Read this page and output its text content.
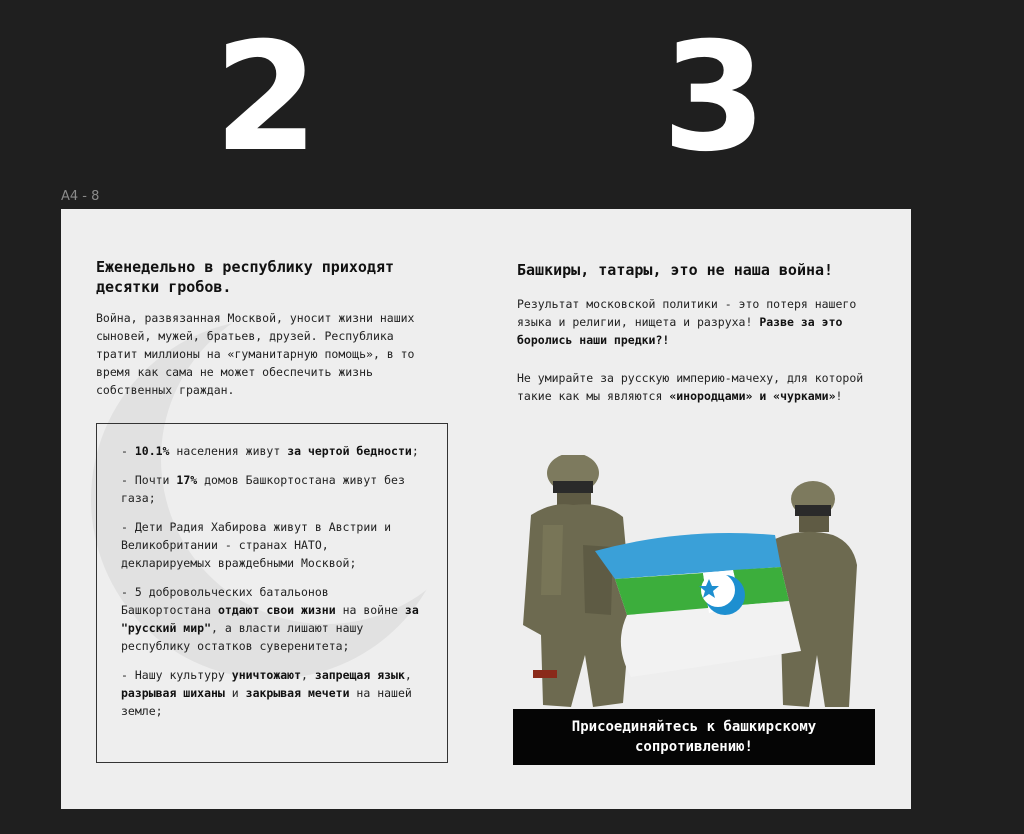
2 3
A4 - 8
Еженедельно в республику приходят десятки гробов.
Война, развязанная Москвой, уносит жизни наших сыновей, мужей, братьев, друзей. Республика тратит миллионы на «гуманитарную помощь», в то время как сама не может обеспечить жизнь собственных граждан.
- 10.1% населения живут за чертой бедности;
- Почти 17% домов Башкортостана живут без газа;
- Дети Радия Хабирова живут в Австрии и Великобритании - странах НАТО, декларируемых враждебными Москвой;
- 5 добровольческих батальонов Башкортостана отдают свои жизни на войне за "русский мир", а власти лишают нашу республику остатков суверенитета;
- Нашу культуру уничтожают, запрещая язык, разрывая шиханы и закрывая мечети на нашей земле;
Башкиры, татары, это не наша война!
Результат московской политики - это потеря нашего языка и религии, нищета и разруха! Разве за это боролись наши предки?!
Не умирайте за русскую империю-мачеху, для которой такие как мы являются «инородцами» и «чурками»!
Присоединяйтесь к башкирскому сопротивлению!
